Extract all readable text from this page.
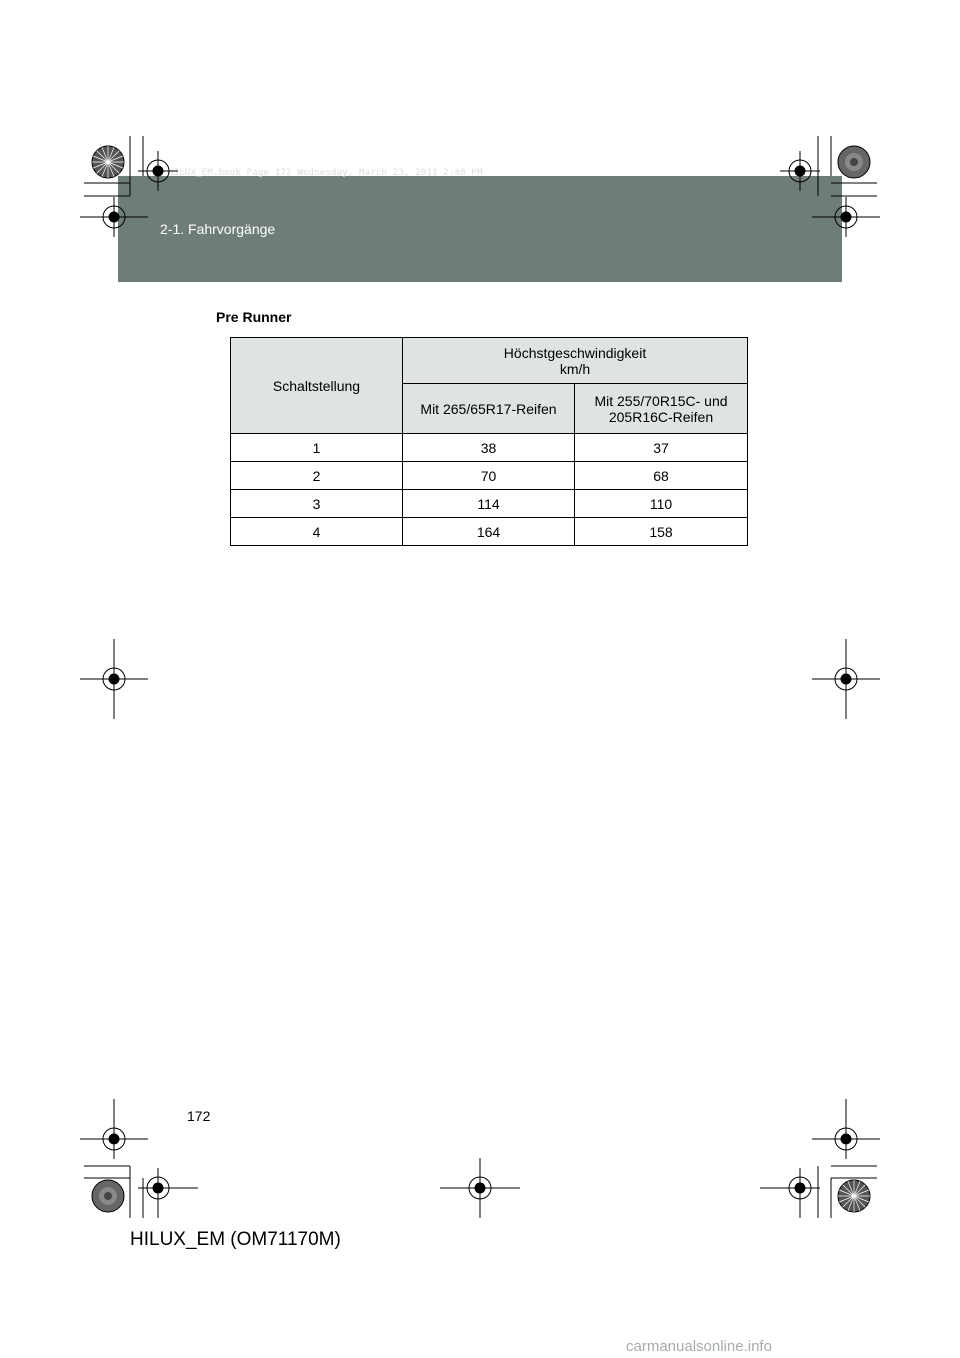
HILUX_EM.book Page 172 Wednesday, March 23, 2011 2:48 PM
2-1. Fahrvorgänge
Pre Runner
Schaltstellung	Höchstgeschwindigkeit
km/h	

	Mit 265/65R17-Reifen	Mit 255/70R15C- und
205R16C-Reifen

1	38	37
2	70	68
3	114	110
4	164	158
172
HILUX_EM (OM71170M)
carmanualsonline.info
